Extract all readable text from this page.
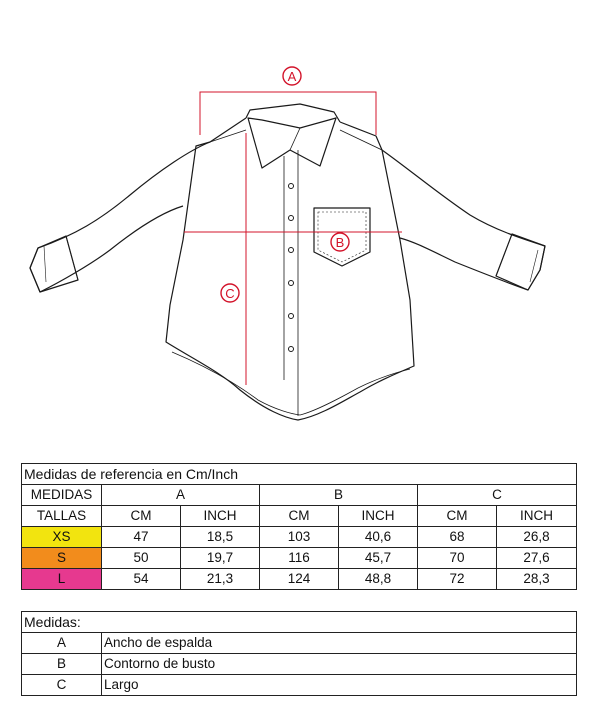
A
B
C
Medidas de referencia en Cm/Inch						
MEDIDAS	A		B		C	
TALLAS	CM	INCH	CM	INCH	CM	INCH
XS	47	18,5	103	40,6	68	26,8
S	50	19,7	116	45,7	70	27,6
L	54	21,3	124	48,8	72	28,3
Medidas:	
A	Ancho de espalda
B	Contorno de busto
C	Largo
